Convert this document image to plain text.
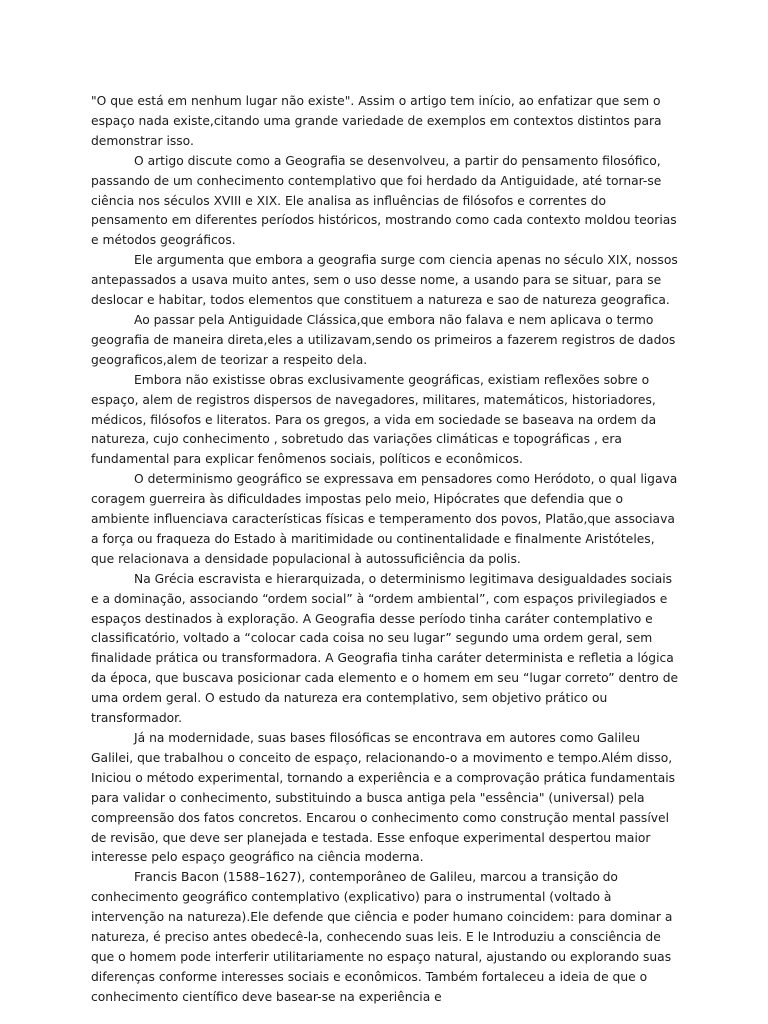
"O que está em nenhum lugar não existe". Assim o artigo tem início, ao enfatizar que sem o espaço nada existe,citando uma grande variedade de exemplos em contextos distintos para demonstrar isso.

O artigo discute como a Geografia se desenvolveu, a partir do pensamento filosófico, passando de um conhecimento contemplativo que foi herdado da Antiguidade, até tornar-se ciência nos séculos XVIII e XIX. Ele analisa as influências de filósofos e correntes do pensamento em diferentes períodos históricos, mostrando como cada contexto moldou teorias e métodos geográficos.

Ele argumenta que embora a geografia surge com ciencia apenas no século XIX, nossos antepassados a usava muito antes, sem o uso desse nome, a usando para se situar, para se deslocar e habitar, todos elementos que constituem a natureza e sao de natureza geografica.

Ao passar pela Antiguidade Clássica,que embora não falava e nem aplicava o termo geografia de maneira direta,eles a utilizavam,sendo os primeiros a fazerem registros de dados geograficos,alem de teorizar a respeito dela.

Embora não existisse obras exclusivamente geográficas, existiam reflexões sobre o espaço, alem de registros dispersos de navegadores, militares, matemáticos, historiadores, médicos, filósofos e literatos. Para os gregos, a vida em sociedade se baseava na ordem da natureza, cujo conhecimento , sobretudo das variações climáticas e topográficas , era fundamental para explicar fenômenos sociais, políticos e econômicos.

O determinismo geográfico se expressava em pensadores como Heródoto, o qual ligava coragem guerreira às dificuldades impostas pelo meio, Hipócrates que defendia que o ambiente influenciava características físicas e temperamento dos povos, Platão,que associava a força ou fraqueza do Estado à maritimidade ou continentalidade e finalmente Aristóteles, que relacionava a densidade populacional à autossuficiência da polis.

Na Grécia escravista e hierarquizada, o determinismo legitimava desigualdades sociais e a dominação, associando “ordem social” à “ordem ambiental”, com espaços privilegiados e espaços destinados à exploração. A Geografia desse período tinha caráter contemplativo e classificatório, voltado a “colocar cada coisa no seu lugar” segundo uma ordem geral, sem finalidade prática ou transformadora. A Geografia tinha caráter determinista e refletia a lógica da época, que buscava posicionar cada elemento e o homem em seu “lugar correto” dentro de uma ordem geral. O estudo da natureza era contemplativo, sem objetivo prático ou transformador.

Já na modernidade, suas bases filosóficas se encontrava em autores como Galileu Galilei, que trabalhou o conceito de espaço, relacionando-o a movimento e tempo.Além disso, Iniciou o método experimental, tornando a experiência e a comprovação prática fundamentais para validar o conhecimento, substituindo a busca antiga pela "essência" (universal) pela compreensão dos fatos concretos. Encarou o conhecimento como construção mental passível de revisão, que deve ser planejada e testada. Esse enfoque experimental despertou maior interesse pelo espaço geográfico na ciência moderna.

Francis Bacon (1588–1627), contemporâneo de Galileu, marcou a transição do conhecimento geográfico contemplativo (explicativo) para o instrumental (voltado à intervenção na natureza).Ele defende que ciência e poder humano coincidem: para dominar a natureza, é preciso antes obedecê-la, conhecendo suas leis. E le Introduziu a consciência de que o homem pode interferir utilitariamente no espaço natural, ajustando ou explorando suas diferenças conforme interesses sociais e econômicos. Também fortaleceu a ideia de que o conhecimento científico deve basear-se na experiência e
